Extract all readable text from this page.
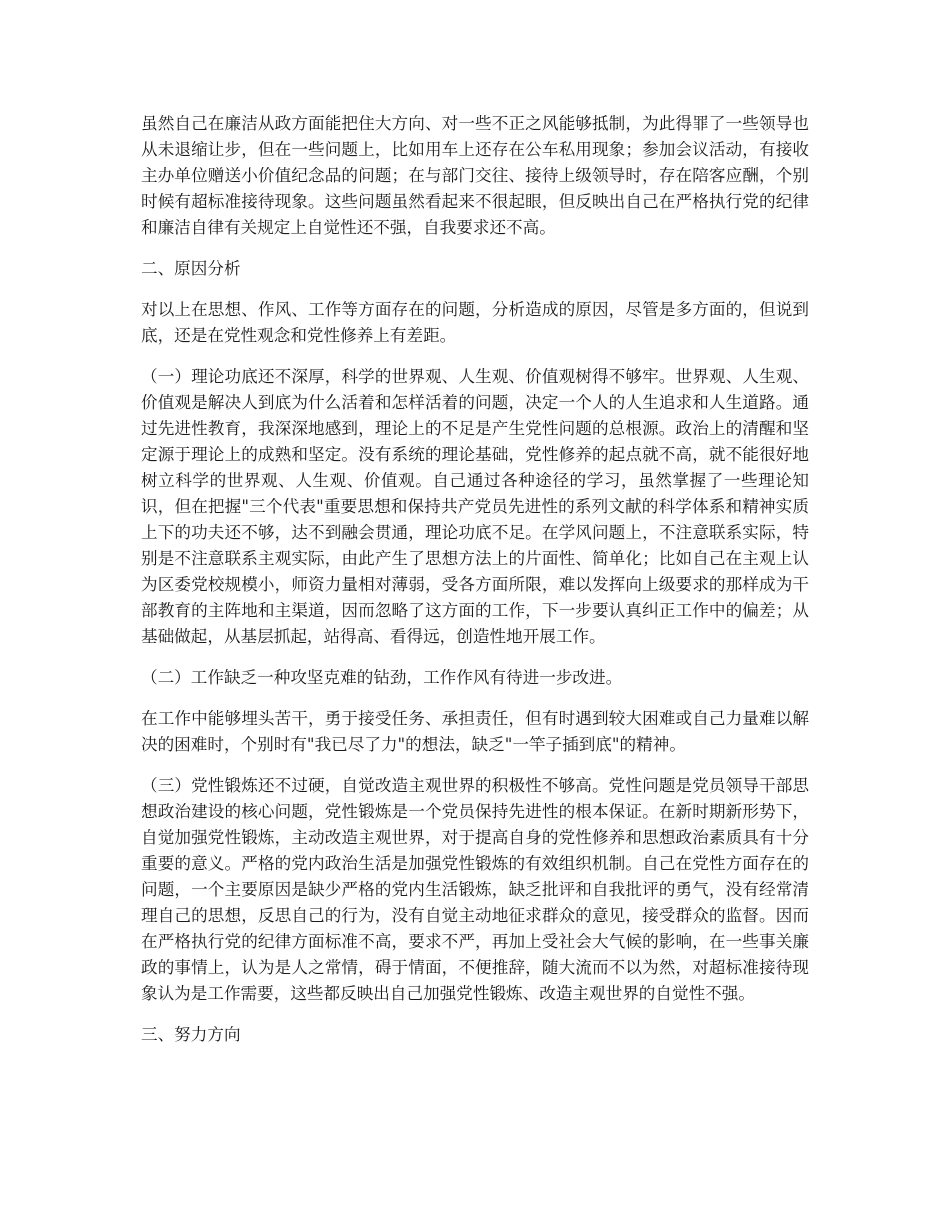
虽然自己在廉洁从政方面能把住大方向、对一些不正之风能够抵制，为此得罪了一些领导也从未退缩让步，但在一些问题上，比如用车上还存在公车私用现象；参加会议活动，有接收主办单位赠送小价值纪念品的问题；在与部门交往、接待上级领导时，存在陪客应酬，个别时候有超标准接待现象。这些问题虽然看起来不很起眼，但反映出自己在严格执行党的纪律和廉洁自律有关规定上自觉性还不强，自我要求还不高。

二、原因分析

对以上在思想、作风、工作等方面存在的问题，分析造成的原因，尽管是多方面的，但说到底，还是在党性观念和党性修养上有差距。

（一）理论功底还不深厚，科学的世界观、人生观、价值观树得不够牢。世界观、人生观、价值观是解决人到底为什么活着和怎样活着的问题，决定一个人的人生追求和人生道路。通过先进性教育，我深深地感到，理论上的不足是产生党性问题的总根源。政治上的清醒和坚定源于理论上的成熟和坚定。没有系统的理论基础，党性修养的起点就不高，就不能很好地树立科学的世界观、人生观、价值观。自己通过各种途径的学习，虽然掌握了一些理论知识，但在把握"三个代表"重要思想和保持共产党员先进性的系列文献的科学体系和精神实质上下的功夫还不够，达不到融会贯通，理论功底不足。在学风问题上，不注意联系实际，特别是不注意联系主观实际，由此产生了思想方法上的片面性、简单化；比如自己在主观上认为区委党校规模小，师资力量相对薄弱，受各方面所限，难以发挥向上级要求的那样成为干部教育的主阵地和主渠道，因而忽略了这方面的工作，下一步要认真纠正工作中的偏差；从基础做起，从基层抓起，站得高、看得远，创造性地开展工作。

（二）工作缺乏一种攻坚克难的钻劲，工作作风有待进一步改进。

在工作中能够埋头苦干，勇于接受任务、承担责任，但有时遇到较大困难或自己力量难以解决的困难时，个别时有"我已尽了力"的想法，缺乏"一竿子插到底"的精神。

（三）党性锻炼还不过硬，自觉改造主观世界的积极性不够高。党性问题是党员领导干部思想政治建设的核心问题，党性锻炼是一个党员保持先进性的根本保证。在新时期新形势下，自觉加强党性锻炼，主动改造主观世界，对于提高自身的党性修养和思想政治素质具有十分重要的意义。严格的党内政治生活是加强党性锻炼的有效组织机制。自己在党性方面存在的问题，一个主要原因是缺少严格的党内生活锻炼，缺乏批评和自我批评的勇气，没有经常清理自己的思想，反思自己的行为，没有自觉主动地征求群众的意见，接受群众的监督。因而在严格执行党的纪律方面标准不高，要求不严，再加上受社会大气候的影响，在一些事关廉政的事情上，认为是人之常情，碍于情面，不便推辞，随大流而不以为然，对超标准接待现象认为是工作需要，这些都反映出自己加强党性锻炼、改造主观世界的自觉性不强。

三、努力方向
